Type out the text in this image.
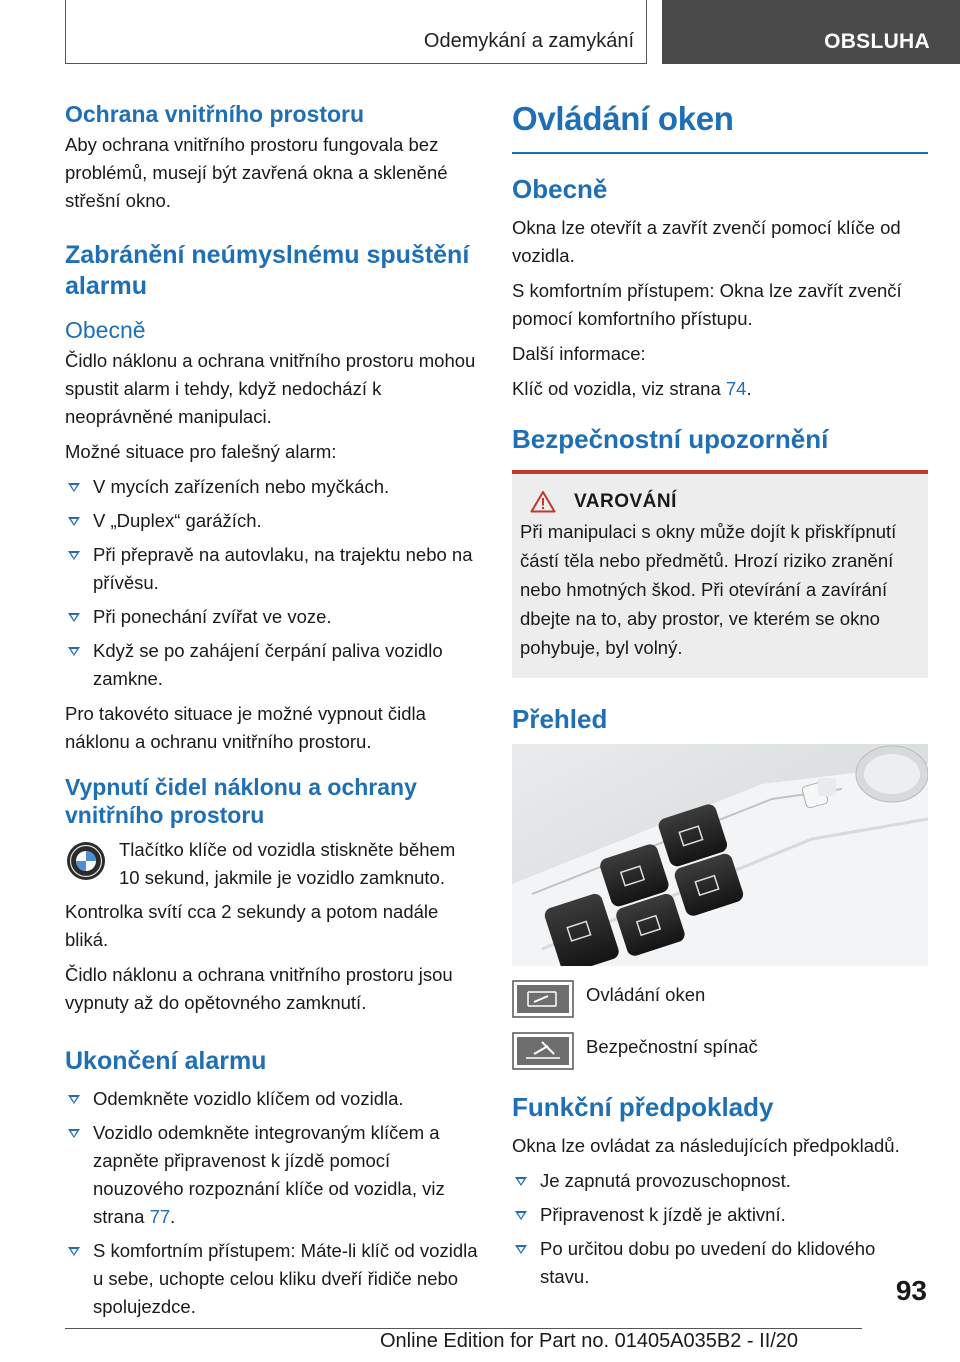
Odemykání a zamykání	OBSLUHA
Ochrana vnitřního prostoru

Aby ochrana vnitřního prostoru fungovala bez problémů, musejí být zavřená okna a skleněné střešní okno.

Zabránění neúmyslnému spuštění alarmu
Obecně

Čidlo náklonu a ochrana vnitřního prostoru mohou spustit alarm i tehdy, když nedochází k neoprávněné manipulaci.

Možné situace pro falešný alarm:

V mycích zařízeních nebo myčkách.
V „Duplex“ garážích.
Při přepravě na autovlaku, na trajektu nebo na přívěsu.
Při ponechání zvířat ve voze.
Když se po zahájení čerpání paliva vozidlo zamkne.

Pro takovéto situace je možné vypnout čidla náklonu a ochranu vnitřního prostoru.

Vypnutí čidel náklonu a ochrany vnitřního prostoru

Tlačítko klíče od vozidla stiskněte během 10 sekund, jakmile je vozidlo zamknuto.

Kontrolka svítí cca 2 sekundy a potom nadále bliká.

Čidlo náklonu a ochrana vnitřního prostoru jsou vypnuty až do opětovného zamknutí.

Ukončení alarmu
Odemkněte vozidlo klíčem od vozidla.
Vozidlo odemkněte integrovaným klíčem a zapněte připravenost k jízdě pomocí nouzového rozpoznání klíče od vozidla, viz strana 77.
S komfortním přístupem: Máte-li klíč od vozidla u sebe, uchopte celou kliku dveří řidiče nebo spolujezdce.
Ovládání oken
Obecně

Okna lze otevřít a zavřít zvenčí pomocí klíče od vozidla.

S komfortním přístupem: Okna lze zavřít zvenčí pomocí komfortního přístupu.

Další informace:

Klíč od vozidla, viz strana 74.

Bezpečnostní upozornění
VAROVÁNÍ

Při manipulaci s okny může dojít k přiskřípnutí částí těla nebo předmětů. Hrozí riziko zranění nebo hmotných škod. Při otevírání a zavírání dbejte na to, aby prostor, ve kterém se okno pohybuje, byl volný.

Přehled
Ovládání oken
Bezpečnostní spínač
Funkční předpoklady

Okna lze ovládat za následujících předpokladů.

Je zapnutá provozuschopnost.
Připravenost k jízdě je aktivní.
Po určitou dobu po uvedení do klidového stavu.	93
Online Edition for Part no. 01405A035B2 - II/20
